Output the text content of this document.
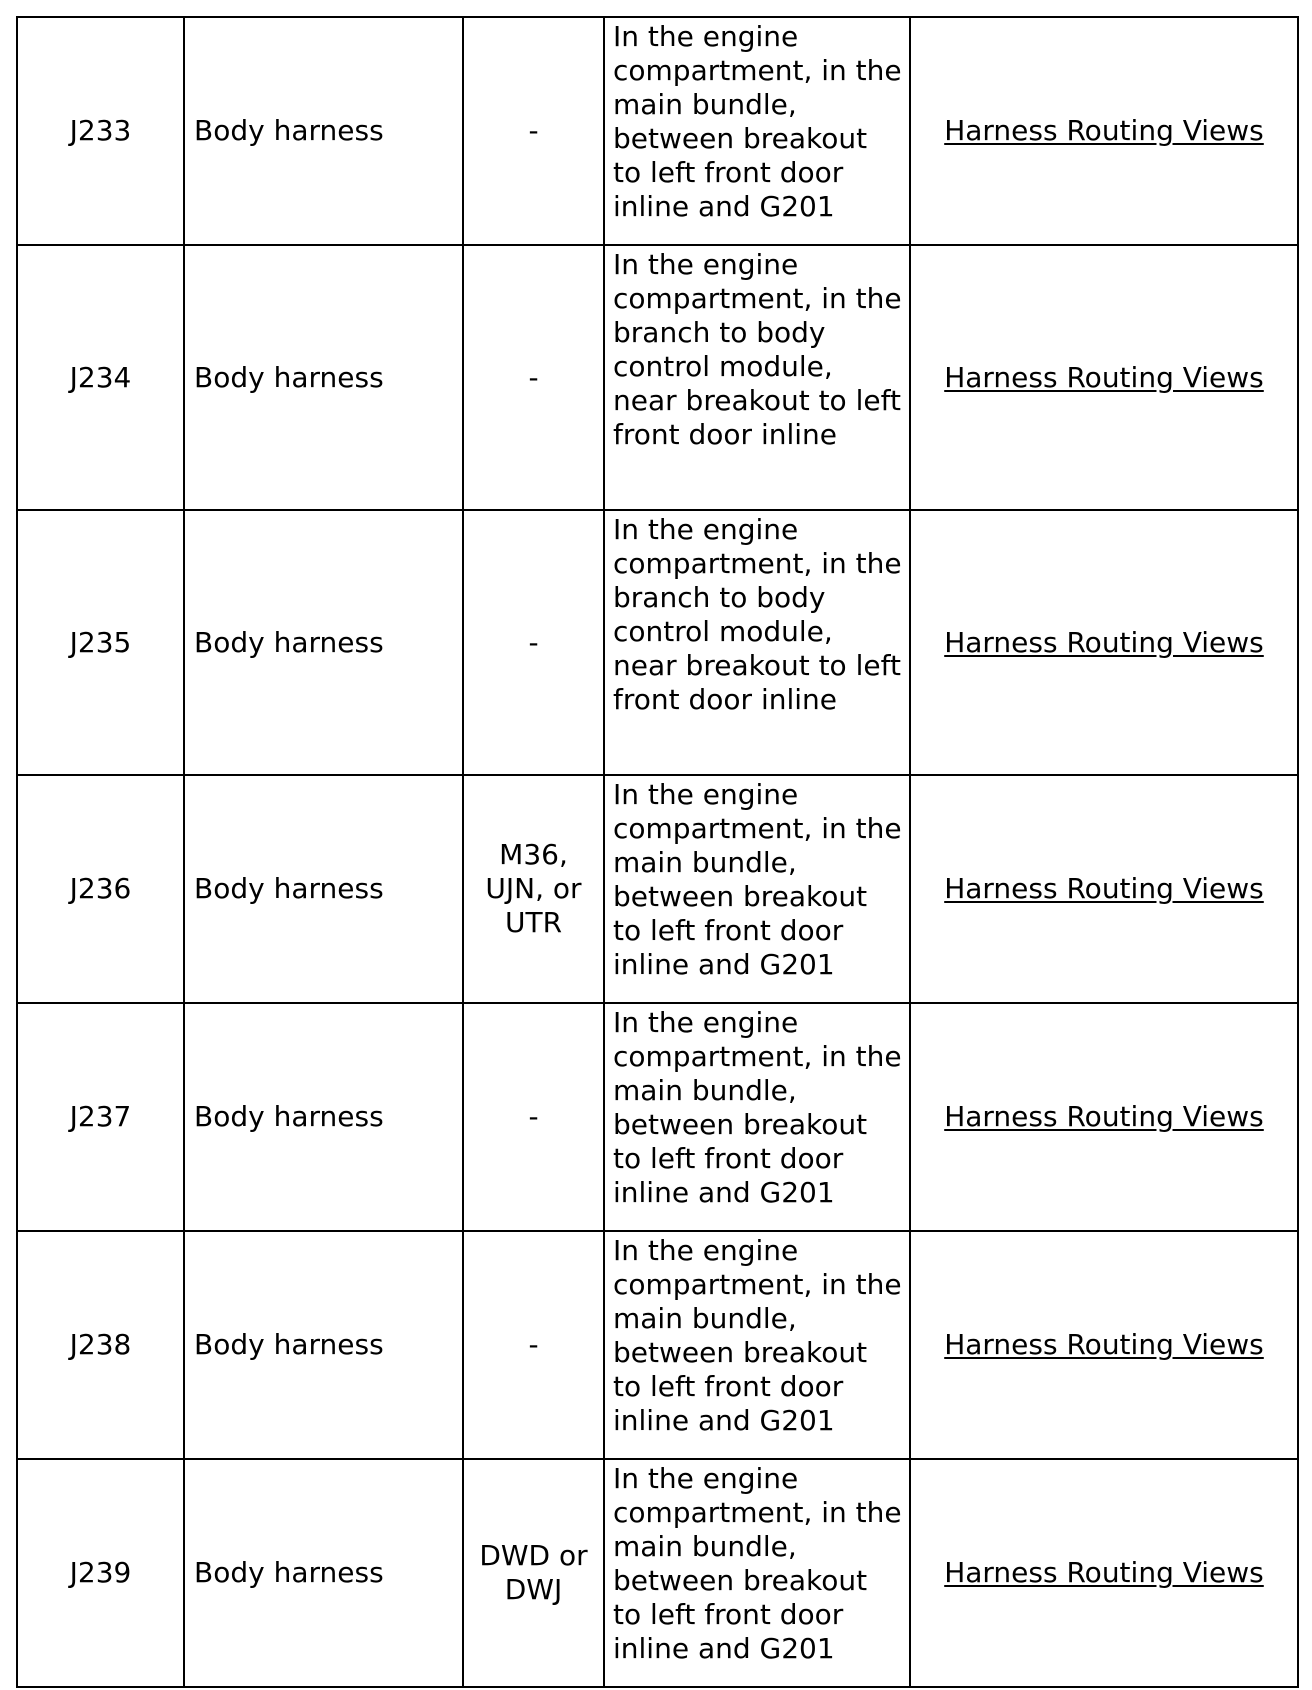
J233	Body harness	-	In the engine compartment, in the main bundle, between breakout to left front door inline and G201	Harness Routing Views
J234	Body harness	-	In the engine compartment, in the branch to body control module, near breakout to left front door inline	Harness Routing Views
J235	Body harness	-	In the engine compartment, in the branch to body control module, near breakout to left front door inline	Harness Routing Views
J236	Body harness	M36, UJN, or UTR	In the engine compartment, in the main bundle, between breakout to left front door inline and G201	Harness Routing Views
J237	Body harness	-	In the engine compartment, in the main bundle, between breakout to left front door inline and G201	Harness Routing Views
J238	Body harness	-	In the engine compartment, in the main bundle, between breakout to left front door inline and G201	Harness Routing Views
J239	Body harness	DWD or DWJ	In the engine compartment, in the main bundle, between breakout to left front door inline and G201	Harness Routing Views
